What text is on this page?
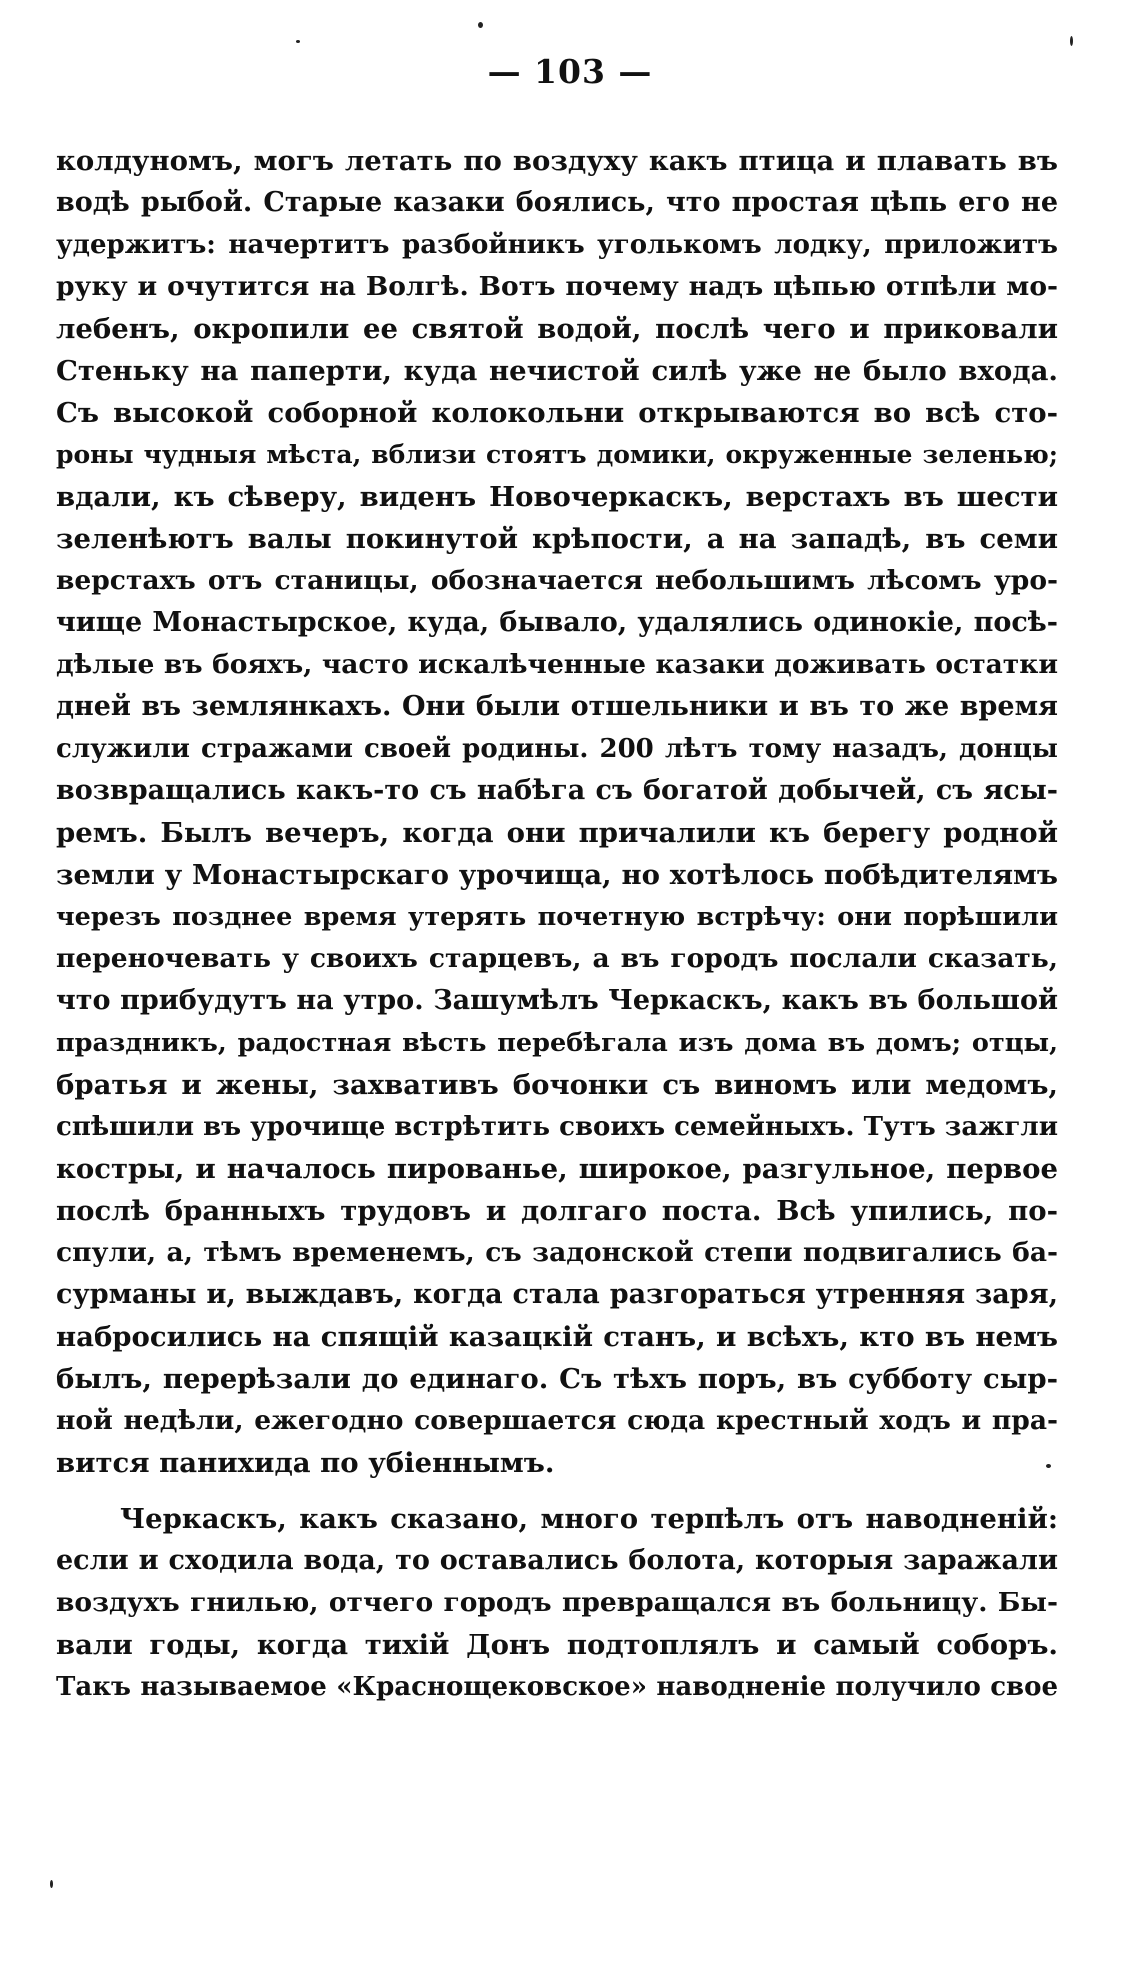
— 103 —
колдуномъ, могъ летать по воздуху какъ птица и плавать въ
водѣ рыбой. Старые казаки боялись, что простая цѣпь его не
удержитъ: начертитъ разбойникъ уголькомъ лодку, приложитъ
руку и очутится на Волгѣ. Вотъ почему надъ цѣпью отпѣли мо-
лебенъ, окропили ее святой водой, послѣ чего и приковали
Стеньку на паперти, куда нечистой силѣ уже не было входа.
Съ высокой соборной колокольни открываются во всѣ сто-
роны чудныя мѣста, вблизи стоятъ домики, окруженные зеленью;
вдали, къ сѣверу, виденъ Новочеркаскъ, верстахъ въ шести
зеленѣютъ валы покинутой крѣпости, а на западѣ, въ семи
верстахъ отъ станицы, обозначается небольшимъ лѣсомъ уро-
чище Монастырское, куда, бывало, удалялись одинокіе, посѣ-
дѣлые въ бояхъ, часто искалѣченные казаки доживать остатки
дней въ землянкахъ. Они были отшельники и въ то же время
служили стражами своей родины. 200 лѣтъ тому назадъ, донцы
возвращались какъ-то съ набѣга съ богатой добычей, съ ясы-
ремъ. Былъ вечеръ, когда они причалили къ берегу родной
земли у Монастырскаго урочища, но хотѣлось побѣдителямъ
черезъ позднее время утерять почетную встрѣчу: они порѣшили
переночевать у своихъ старцевъ, а въ городъ послали сказать,
что прибудутъ на утро. Зашумѣлъ Черкаскъ, какъ въ большой
праздникъ, радостная вѣсть перебѣгала изъ дома въ домъ; отцы,
братья и жены, захвативъ бочонки съ виномъ или медомъ,
спѣшили въ урочище встрѣтить своихъ семейныхъ. Тутъ зажгли
костры, и началось пированье, широкое, разгульное, первое
послѣ бранныхъ трудовъ и долгаго поста. Всѣ упились, по-
спули, а, тѣмъ временемъ, съ задонской степи подвигались ба-
сурманы и, выждавъ, когда стала разгораться утренняя заря,
набросились на спящій казацкій станъ, и всѣхъ, кто въ немъ
былъ, перерѣзали до единаго. Съ тѣхъ поръ, въ субботу сыр-
ной недѣли, ежегодно совершается сюда крестный ходъ и пра-
вится панихида по убіеннымъ.
Черкаскъ, какъ сказано, много терпѣлъ отъ наводненій:
если и сходила вода, то оставались болота, которыя заражали
воздухъ гнилью, отчего городъ превращался въ больницу. Бы-
вали годы, когда тихій Донъ подтоплялъ и самый соборъ.
Такъ называемое «Краснощековское» наводненіе получило свое
